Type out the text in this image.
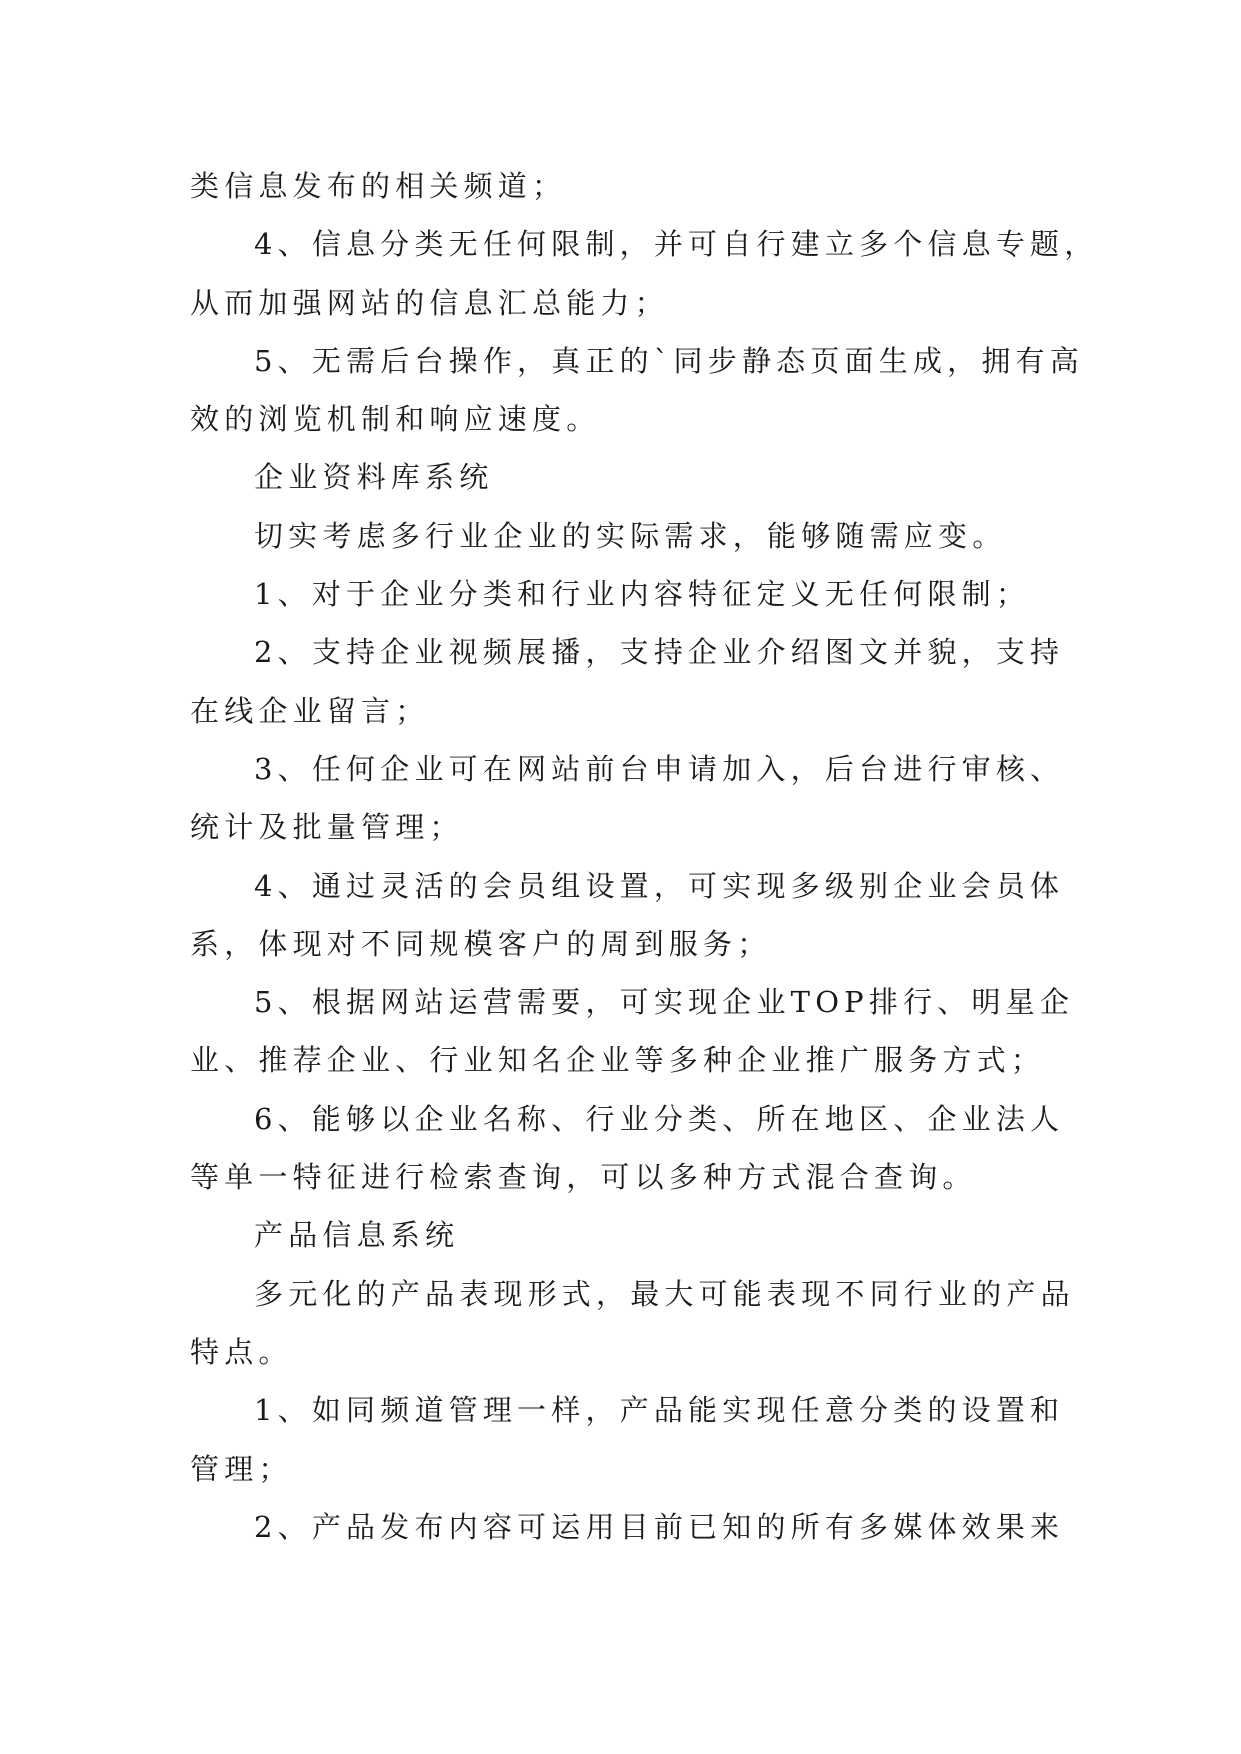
类信息发布的相关频道；
4、信息分类无任何限制，并可自行建立多个信息专题，
从而加强网站的信息汇总能力；
5、无需后台操作，真正的`同步静态页面生成，拥有高
效的浏览机制和响应速度。
企业资料库系统
切实考虑多行业企业的实际需求，能够随需应变。
1、对于企业分类和行业内容特征定义无任何限制；
2、支持企业视频展播，支持企业介绍图文并貌，支持
在线企业留言；
3、任何企业可在网站前台申请加入，后台进行审核、
统计及批量管理；
4、通过灵活的会员组设置，可实现多级别企业会员体
系，体现对不同规模客户的周到服务；
5、根据网站运营需要，可实现企业TOP排行、明星企
业、推荐企业、行业知名企业等多种企业推广服务方式；
6、能够以企业名称、行业分类、所在地区、企业法人
等单一特征进行检索查询，可以多种方式混合查询。
产品信息系统
多元化的产品表现形式，最大可能表现不同行业的产品
特点。
1、如同频道管理一样，产品能实现任意分类的设置和
管理；
2、产品发布内容可运用目前已知的所有多媒体效果来
